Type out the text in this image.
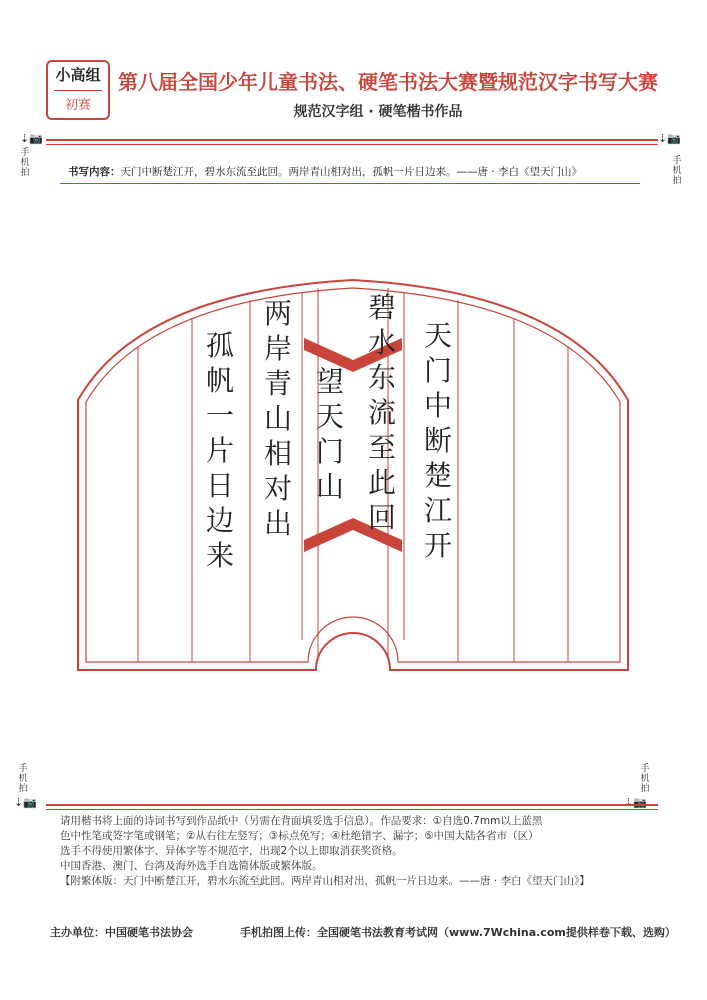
小高组
初赛
第八届全国少年儿童书法、硬笔书法大赛暨规范汉字书写大赛
规范汉字组 · 硬笔楷书作品
⇣📷
手
机
拍
⇣📷
手
机
拍
书写内容：天门中断楚江开，碧水东流至此回。两岸青山相对出，孤帆一片日边来。——唐 · 李白《望天门山》
天
门
中
断
楚
江
开
碧
水
东
流
至
此
回
望
天
门
山
两
岸
青
山
相
对
出
孤
帆
一
片
日
边
来
手
机
拍
⇣📷
手
机
拍
⇣📷
请用楷书将上面的诗词书写到作品纸中（另需在背面填妥选手信息）。作品要求：①自选0.7mm以上蓝黑
色中性笔或签字笔或钢笔；②从右往左竖写；③标点免写；④杜绝错字、漏字；⑤中国大陆各省市（区）
选手不得使用繁体字、异体字等不规范字，出现2个以上即取消获奖资格。
中国香港、澳门、台湾及海外选手自选简体版或繁体版。
【附繁体版：天门中断楚江开，碧水东流至此回。两岸青山相对出，孤帆一片日边来。——唐 · 李白《望天门山》】
主办单位：中国硬笔书法协会	手机拍图上传：全国硬笔书法教育考试网（www.7Wchina.com提供样卷下载、选购）
